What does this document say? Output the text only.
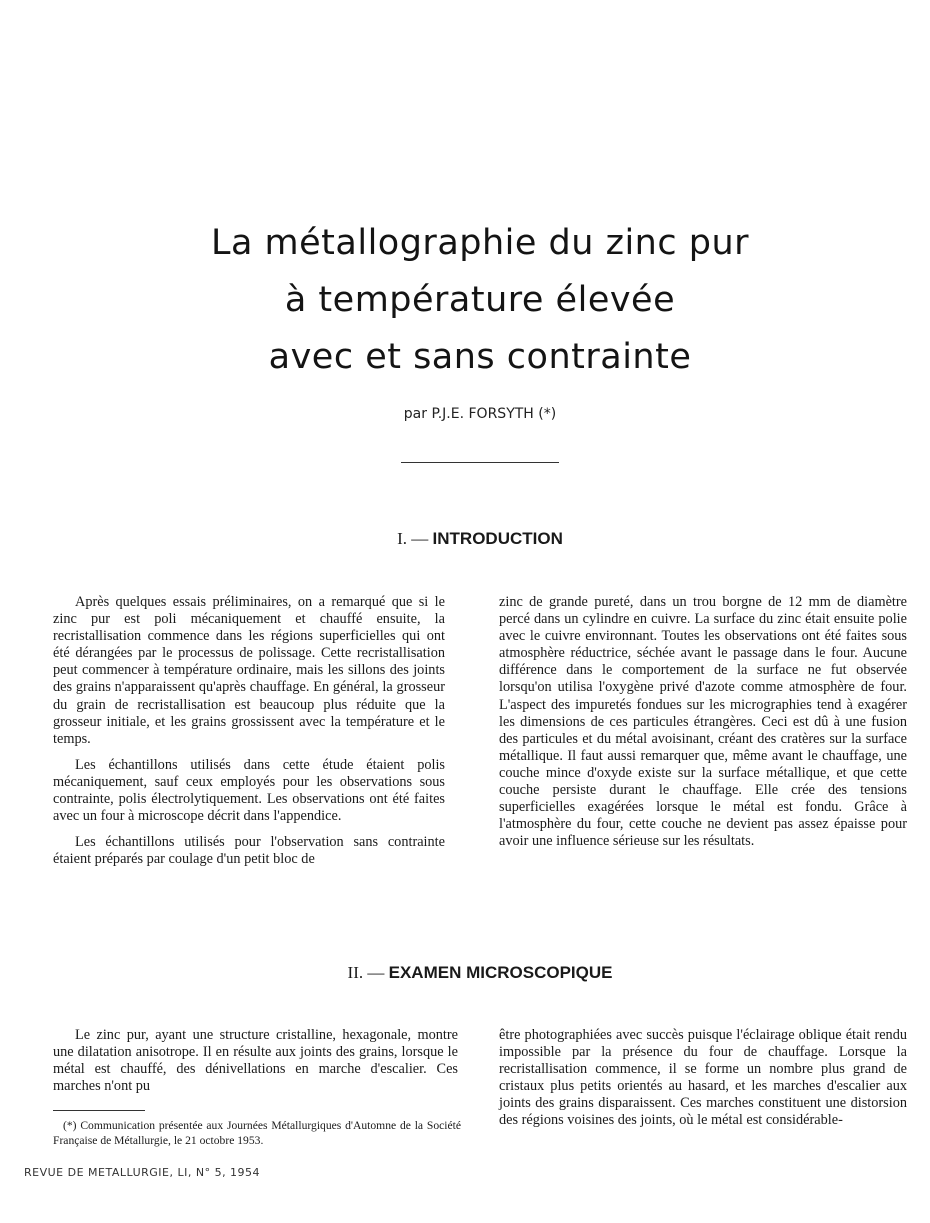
La métallographie du zinc pur
à température élevée
avec et sans contrainte
par P.J.E. FORSYTH (*)
I. — INTRODUCTION

Après quelques essais préliminaires, on a remarqué que si le zinc pur est poli mécaniquement et chauffé ensuite, la recristallisation commence dans les régions superficielles qui ont été dérangées par le processus de polissage. Cette recristallisation peut commencer à température ordinaire, mais les sillons des joints des grains n'apparaissent qu'après chauffage. En général, la grosseur du grain de recristallisation est beaucoup plus réduite que la grosseur initiale, et les grains grossissent avec la température et le temps.

Les échantillons utilisés dans cette étude étaient polis mécaniquement, sauf ceux employés pour les observations sous contrainte, polis électrolytiquement. Les observations ont été faites avec un four à microscope décrit dans l'appendice.

Les échantillons utilisés pour l'observation sans contrainte étaient préparés par coulage d'un petit bloc de

zinc de grande pureté, dans un trou borgne de 12 mm de diamètre percé dans un cylindre en cuivre. La surface du zinc était ensuite polie avec le cuivre environnant. Toutes les observations ont été faites sous atmosphère réductrice, séchée avant le passage dans le four. Aucune différence dans le comportement de la surface ne fut observée lorsqu'on utilisa l'oxygène privé d'azote comme atmosphère de four. L'aspect des impuretés fondues sur les micrographies tend à exagérer les dimensions de ces particules étrangères. Ceci est dû à une fusion des particules et du métal avoisinant, créant des cratères sur la surface métallique. Il faut aussi remarquer que, même avant le chauffage, une couche mince d'oxyde existe sur la surface métallique, et que cette couche persiste durant le chauffage. Elle crée des tensions superficielles exagérées lorsque le métal est fondu. Grâce à l'atmosphère du four, cette couche ne devient pas assez épaisse pour avoir une influence sérieuse sur les résultats.

II. — EXAMEN MICROSCOPIQUE

Le zinc pur, ayant une structure cristalline, hexagonale, montre une dilatation anisotrope. Il en résulte aux joints des grains, lorsque le métal est chauffé, des dénivellations en marche d'escalier. Ces marches n'ont pu

être photographiées avec succès puisque l'éclairage oblique était rendu impossible par la présence du four de chauffage. Lorsque la recristallisation commence, il se forme un nombre plus grand de cristaux plus petits orientés au hasard, et les marches d'escalier aux joints des grains disparaissent. Ces marches constituent une distorsion des régions voisines des joints, où le métal est considérable-

(*) Communication présentée aux Journées Métallurgiques d'Automne de la Société Française de Métallurgie, le 21 octobre 1953.

REVUE DE METALLURGIE, LI, N° 5, 1954
